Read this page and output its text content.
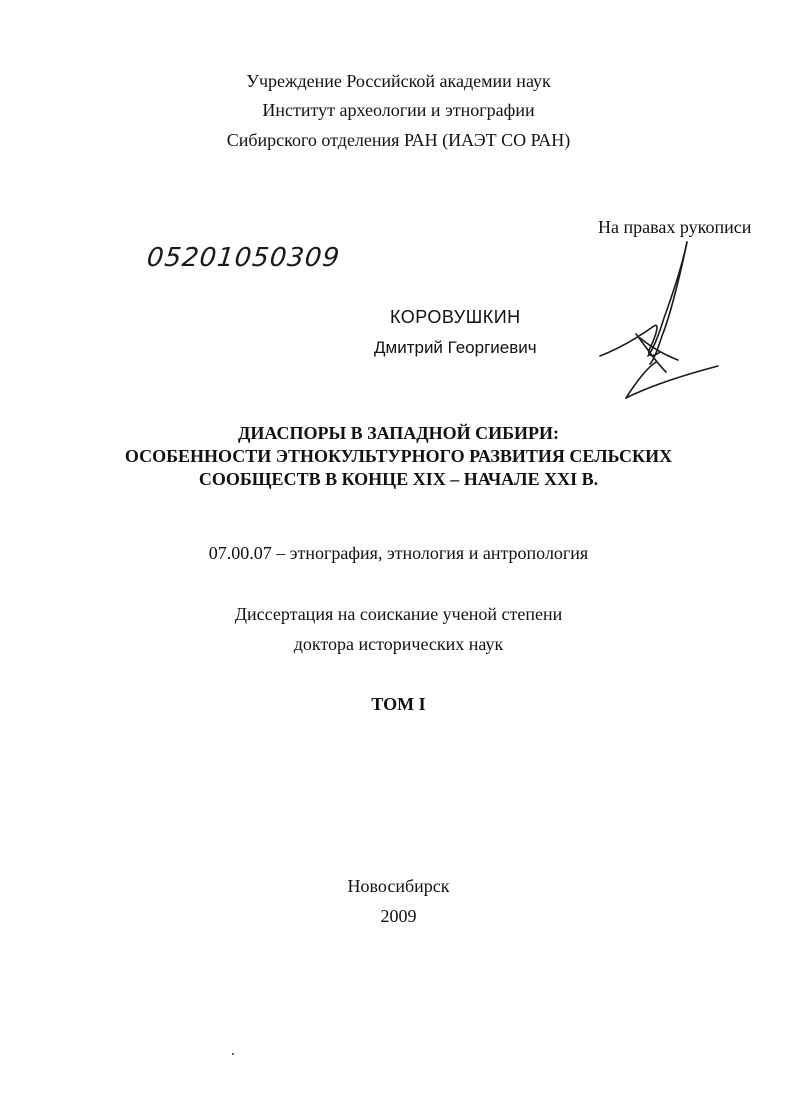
Учреждение Российской академии наук

Институт археологии и этнографии

Сибирского отделения РАН (ИАЭТ СО РАН)

На правах рукописи

05201050309

КОРОВУШКИН

Дмитрий Георгиевич

ДИАСПОРЫ В ЗАПАДНОЙ СИБИРИ:

ОСОБЕННОСТИ ЭТНОКУЛЬТУРНОГО РАЗВИТИЯ СЕЛЬСКИХ

СООБЩЕСТВ В КОНЦЕ XIX – НАЧАЛЕ XXI В.

07.00.07 – этнография, этнология и антропология

Диссертация на соискание ученой степени

доктора исторических наук

ТОМ I

Новосибирск

2009
